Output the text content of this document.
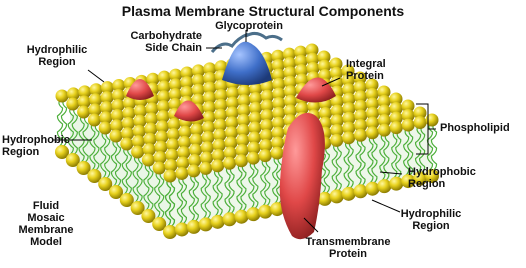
Plasma Membrane Structural Components
Glycoprotein
Carbohydrate
Side Chain
Hydrophilic
Region	Integral
Protein
Phospholipid
Hydrophobic
Region
Hydrophobic
Region
Fluid
Mosaic
Membrane
Model
Hydrophilic
Region
Transmembrane
Protein
